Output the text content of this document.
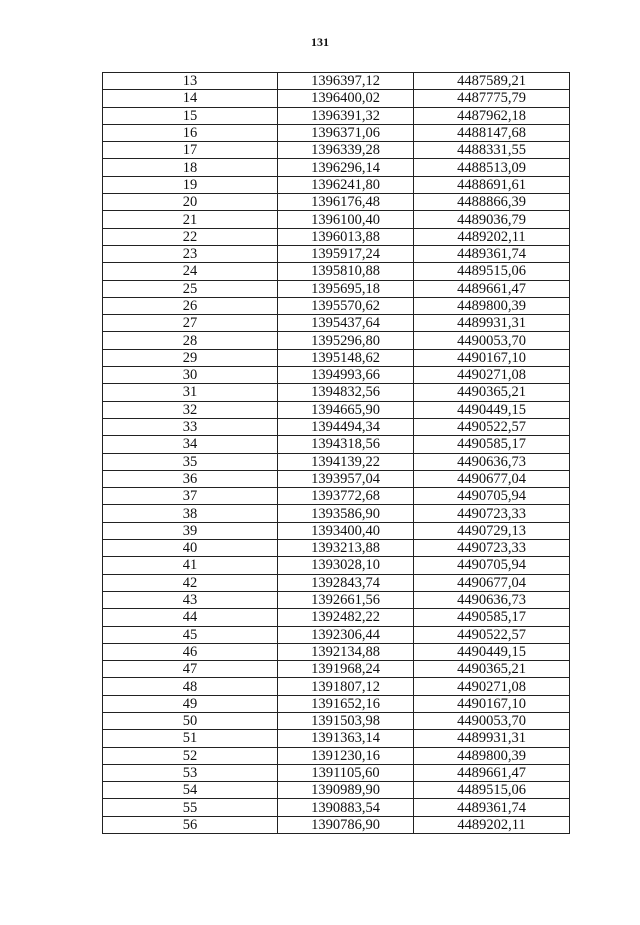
131
13	1396397,12	4487589,21
14	1396400,02	4487775,79
15	1396391,32	4487962,18
16	1396371,06	4488147,68
17	1396339,28	4488331,55
18	1396296,14	4488513,09
19	1396241,80	4488691,61
20	1396176,48	4488866,39
21	1396100,40	4489036,79
22	1396013,88	4489202,11
23	1395917,24	4489361,74
24	1395810,88	4489515,06
25	1395695,18	4489661,47
26	1395570,62	4489800,39
27	1395437,64	4489931,31
28	1395296,80	4490053,70
29	1395148,62	4490167,10
30	1394993,66	4490271,08
31	1394832,56	4490365,21
32	1394665,90	4490449,15
33	1394494,34	4490522,57
34	1394318,56	4490585,17
35	1394139,22	4490636,73
36	1393957,04	4490677,04
37	1393772,68	4490705,94
38	1393586,90	4490723,33
39	1393400,40	4490729,13
40	1393213,88	4490723,33
41	1393028,10	4490705,94
42	1392843,74	4490677,04
43	1392661,56	4490636,73
44	1392482,22	4490585,17
45	1392306,44	4490522,57
46	1392134,88	4490449,15
47	1391968,24	4490365,21
48	1391807,12	4490271,08
49	1391652,16	4490167,10
50	1391503,98	4490053,70
51	1391363,14	4489931,31
52	1391230,16	4489800,39
53	1391105,60	4489661,47
54	1390989,90	4489515,06
55	1390883,54	4489361,74
56	1390786,90	4489202,11
